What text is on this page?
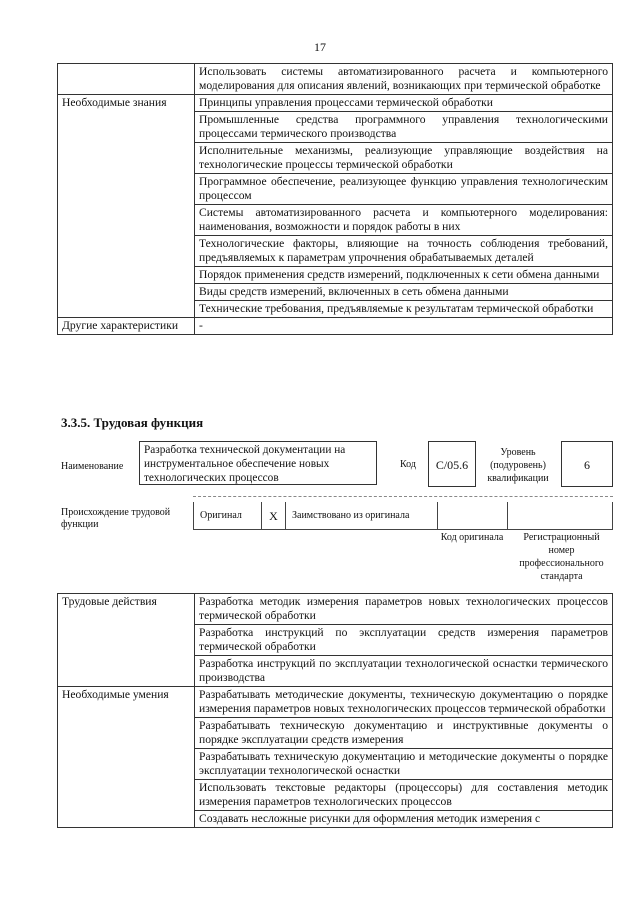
17
	Использовать системы автоматизированного расчета и компьютерного моделирования для описания явлений, возникающих при термической обработке
Необходимые знания	Принципы управления процессами термической обработки
	Промышленные средства программного управления технологическими процессами термического производства
	Исполнительные механизмы, реализующие управляющие воздействия на технологические процессы термической обработки
	Программное обеспечение, реализующее функцию управления технологическим процессом
	Системы автоматизированного расчета и компьютерного моделирования: наименования, возможности и порядок работы в них
	Технологические факторы, влияющие на точность соблюдения требований, предъявляемых к параметрам упрочнения обрабатываемых деталей
	Порядок применения средств измерений, подключенных к сети обмена данными
	Виды средств измерений, включенных в сеть обмена данными
	Технические требования, предъявляемые к результатам термической обработки
Другие характеристики	-
3.3.5. Трудовая функция
Наименование
Разработка технической документации на инструментальное обеспечение новых технологических процессов
Код	С/05.6
Уровень (подуровень) квалификации
6
Происхождение трудовой функции
Оригинал	X	Заимствовано из оригинала
Код оригинала	Регистрационный номер профессионального стандарта
Трудовые действия	Разработка методик измерения параметров новых технологических процессов термической обработки
	Разработка инструкций по эксплуатации средств измерения параметров термической обработки
	Разработка инструкций по эксплуатации технологической оснастки термического производства
Необходимые умения	Разрабатывать методические документы, техническую документацию о порядке измерения параметров новых технологических процессов термической обработки
	Разрабатывать техническую документацию и инструктивные документы о порядке эксплуатации средств измерения
	Разрабатывать техническую документацию и методические документы о порядке эксплуатации технологической оснастки
	Использовать текстовые редакторы (процессоры) для составления методик измерения параметров технологических процессов
	Создавать несложные рисунки для оформления методик измерения с
